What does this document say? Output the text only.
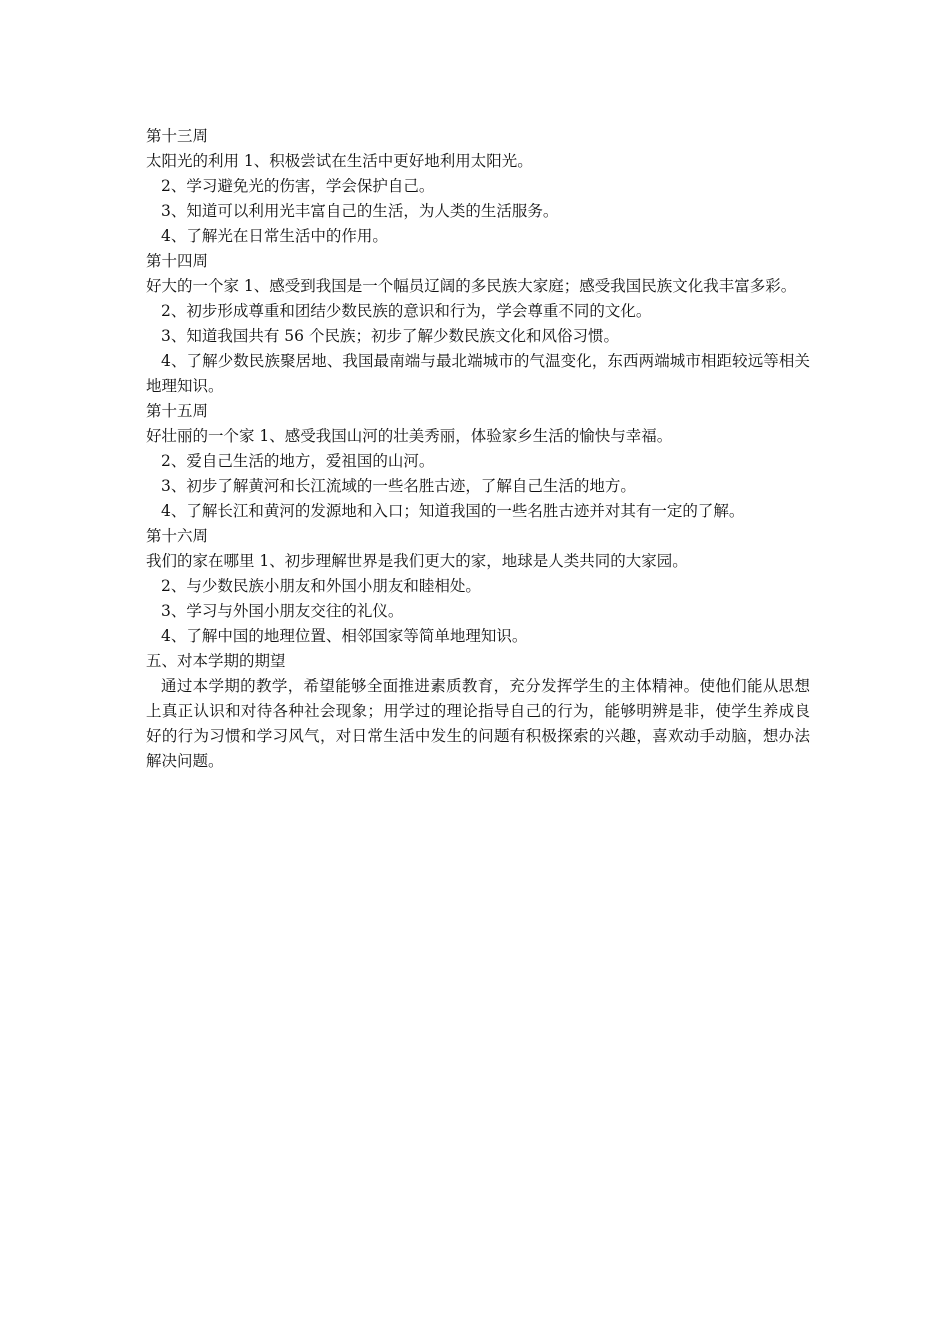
第十三周

太阳光的利用 1、积极尝试在生活中更好地利用太阳光。

2、学习避免光的伤害，学会保护自己。

3、知道可以利用光丰富自己的生活，为人类的生活服务。

4、了解光在日常生活中的作用。

第十四周

好大的一个家 1、感受到我国是一个幅员辽阔的多民族大家庭；感受我国民族文化我丰富多彩。

2、初步形成尊重和团结少数民族的意识和行为，学会尊重不同的文化。

3、知道我国共有 56 个民族；初步了解少数民族文化和风俗习惯。

4、了解少数民族聚居地、我国最南端与最北端城市的气温变化，东西两端城市相距较远等相关地理知识。

第十五周

好壮丽的一个家 1、感受我国山河的壮美秀丽，体验家乡生活的愉快与幸福。

2、爱自己生活的地方，爱祖国的山河。

3、初步了解黄河和长江流域的一些名胜古迹，了解自己生活的地方。

4、了解长江和黄河的发源地和入口；知道我国的一些名胜古迹并对其有一定的了解。

第十六周

我们的家在哪里 1、初步理解世界是我们更大的家，地球是人类共同的大家园。

2、与少数民族小朋友和外国小朋友和睦相处。

3、学习与外国小朋友交往的礼仪。

4、了解中国的地理位置、相邻国家等简单地理知识。

五、对本学期的期望

通过本学期的教学，希望能够全面推进素质教育，充分发挥学生的主体精神。使他们能从思想上真正认识和对待各种社会现象；用学过的理论指导自己的行为，能够明辨是非，使学生养成良好的行为习惯和学习风气，对日常生活中发生的问题有积极探索的兴趣，喜欢动手动脑，想办法解决问题。
